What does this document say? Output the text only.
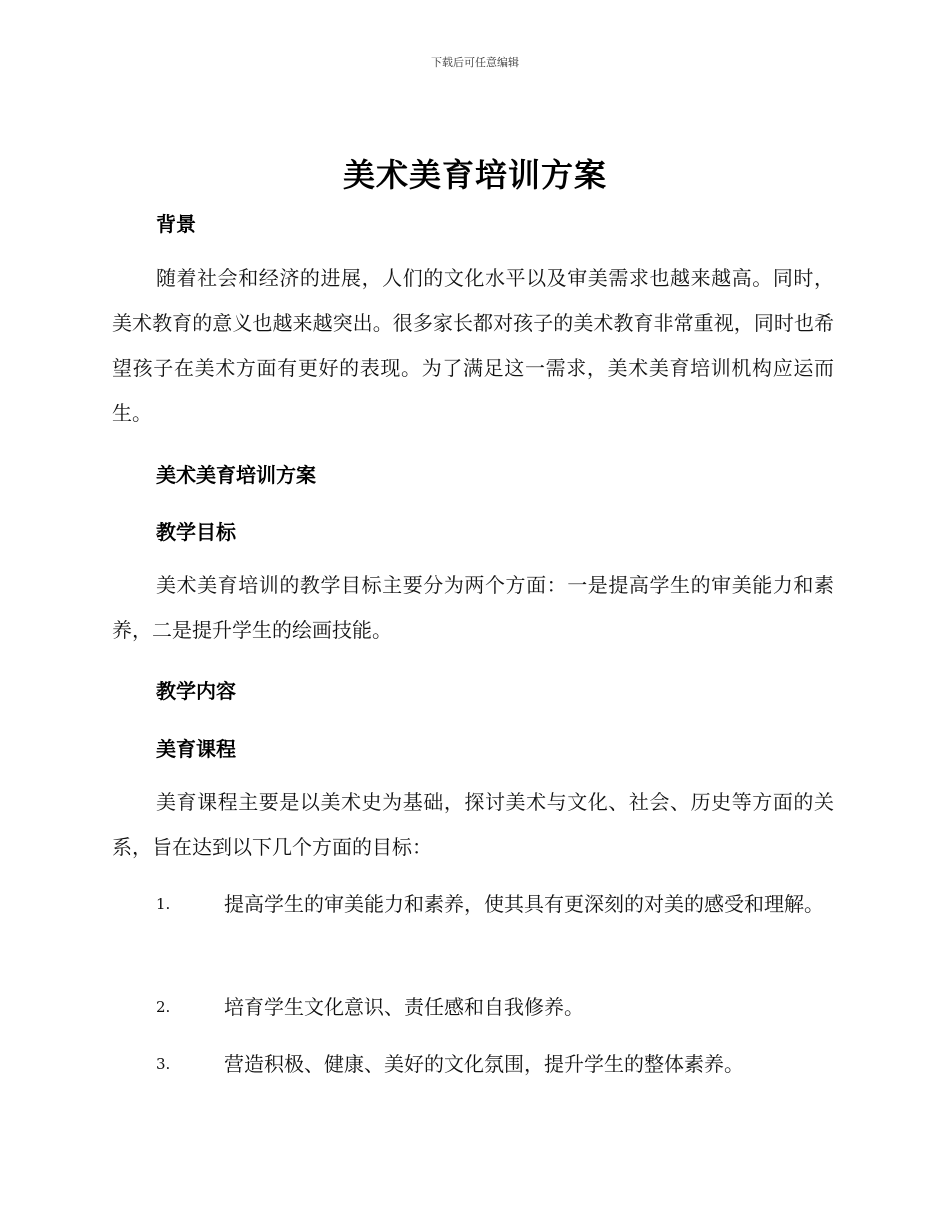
下载后可任意编辑
美术美育培训方案
背景

随着社会和经济的进展，人们的文化水平以及审美需求也越来越高。同时，美术教育的意义也越来越突出。很多家长都对孩子的美术教育非常重视，同时也希望孩子在美术方面有更好的表现。为了满足这一需求，美术美育培训机构应运而生。

美术美育培训方案
教学目标

美术美育培训的教学目标主要分为两个方面：一是提高学生的审美能力和素养，二是提升学生的绘画技能。

教学内容
美育课程

美育课程主要是以美术史为基础，探讨美术与文化、社会、历史等方面的关系，旨在达到以下几个方面的目标：

1.	提高学生的审美能力和素养，使其具有更深刻的对美的感受和理解。

2.	培育学生文化意识、责任感和自我修养。

3.	营造积极、健康、美好的文化氛围，提升学生的整体素养。
